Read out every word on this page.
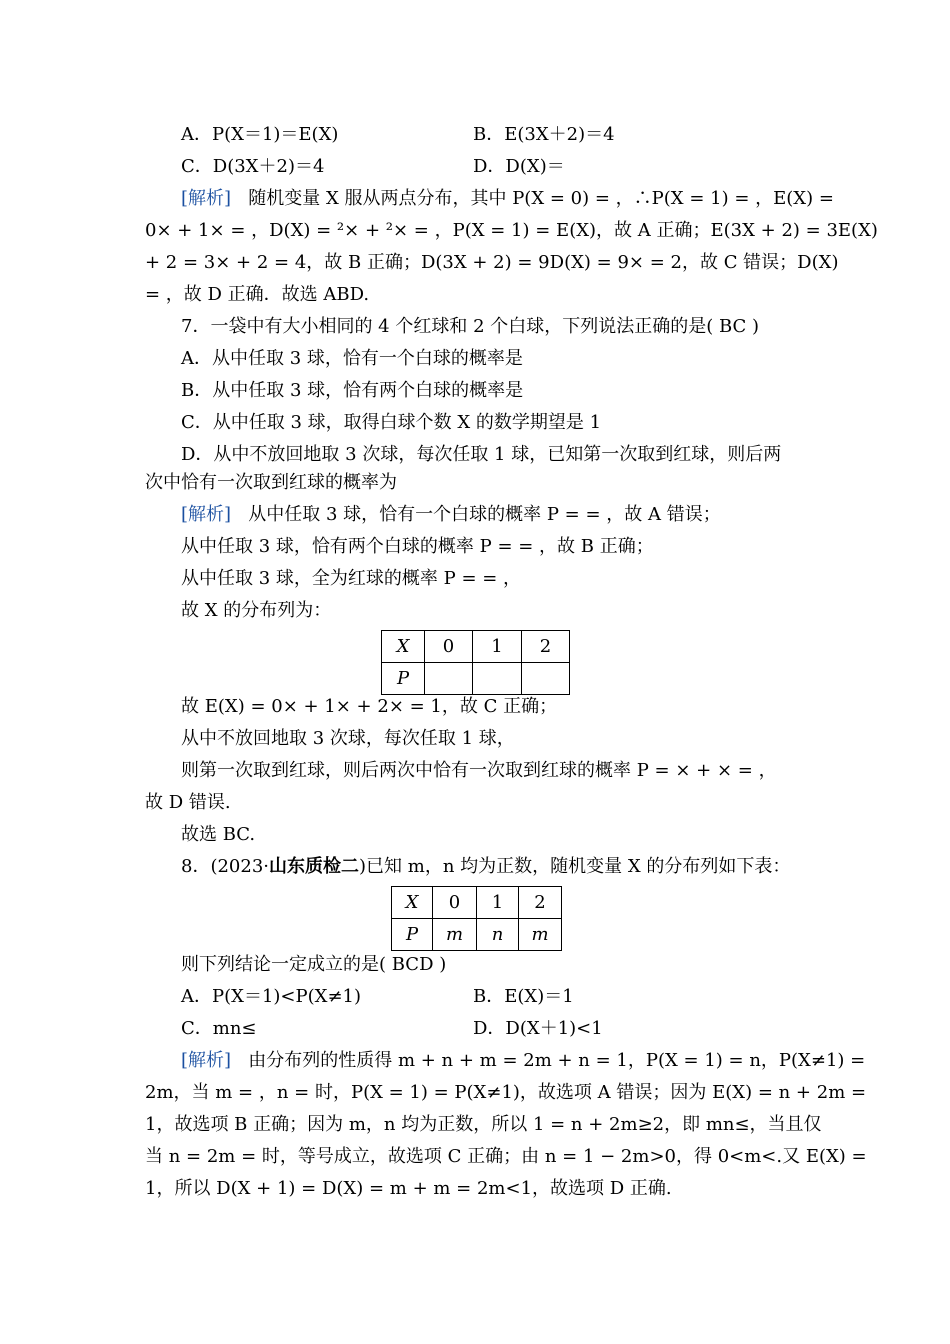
A．P(X＝1)＝E(X)	B．E(3X＋2)＝4
C．D(3X＋2)＝4	D．D(X)＝
[解析] 随机变量 X 服从两点分布，其中 P(X = 0) = ，∴P(X = 1) = ，E(X) =
0× + 1× = ，D(X) = ²× + ²× = ，P(X = 1) = E(X)，故 A 正确；E(3X + 2) = 3E(X)
+ 2 = 3× + 2 = 4，故 B 正确；D(3X + 2) = 9D(X) = 9× = 2，故 C 错误；D(X)
= ，故 D 正确．故选 ABD.
7．一袋中有大小相同的 4 个红球和 2 个白球，下列说法正确的是( BC )
A．从中任取 3 球，恰有一个白球的概率是
B．从中任取 3 球，恰有两个白球的概率是
C．从中任取 3 球，取得白球个数 X 的数学期望是 1
D．从中不放回地取 3 次球，每次任取 1 球，已知第一次取到红球，则后两
次中恰有一次取到红球的概率为
[解析] 从中任取 3 球，恰有一个白球的概率 P = = ，故 A 错误；
从中任取 3 球，恰有两个白球的概率 P = = ，故 B 正确；
从中任取 3 球，全为红球的概率 P = = ，
故 X 的分布列为：
X	0	1	2
P			
故 E(X) = 0× + 1× + 2× = 1，故 C 正确；
从中不放回地取 3 次球，每次任取 1 球，
则第一次取到红球，则后两次中恰有一次取到红球的概率 P = × + × = ，
故 D 错误.
故选 BC.
8．(2023·山东质检二)已知 m，n 均为正数，随机变量 X 的分布列如下表：
X	0	1	2
P	m	n	m
则下列结论一定成立的是( BCD )
A．P(X＝1)<P(X≠1)	B．E(X)＝1
C．mn≤	D．D(X＋1)<1
[解析] 由分布列的性质得 m + n + m = 2m + n = 1，P(X = 1) = n，P(X≠1) =
2m，当 m = ，n = 时，P(X = 1) = P(X≠1)，故选项 A 错误；因为 E(X) = n + 2m =
1，故选项 B 正确；因为 m，n 均为正数，所以 1 = n + 2m≥2，即 mn≤，当且仅
当 n = 2m = 时，等号成立，故选项 C 正确；由 n = 1 − 2m>0，得 0<m<.又 E(X) =
1，所以 D(X + 1) = D(X) = m + m = 2m<1，故选项 D 正确.
